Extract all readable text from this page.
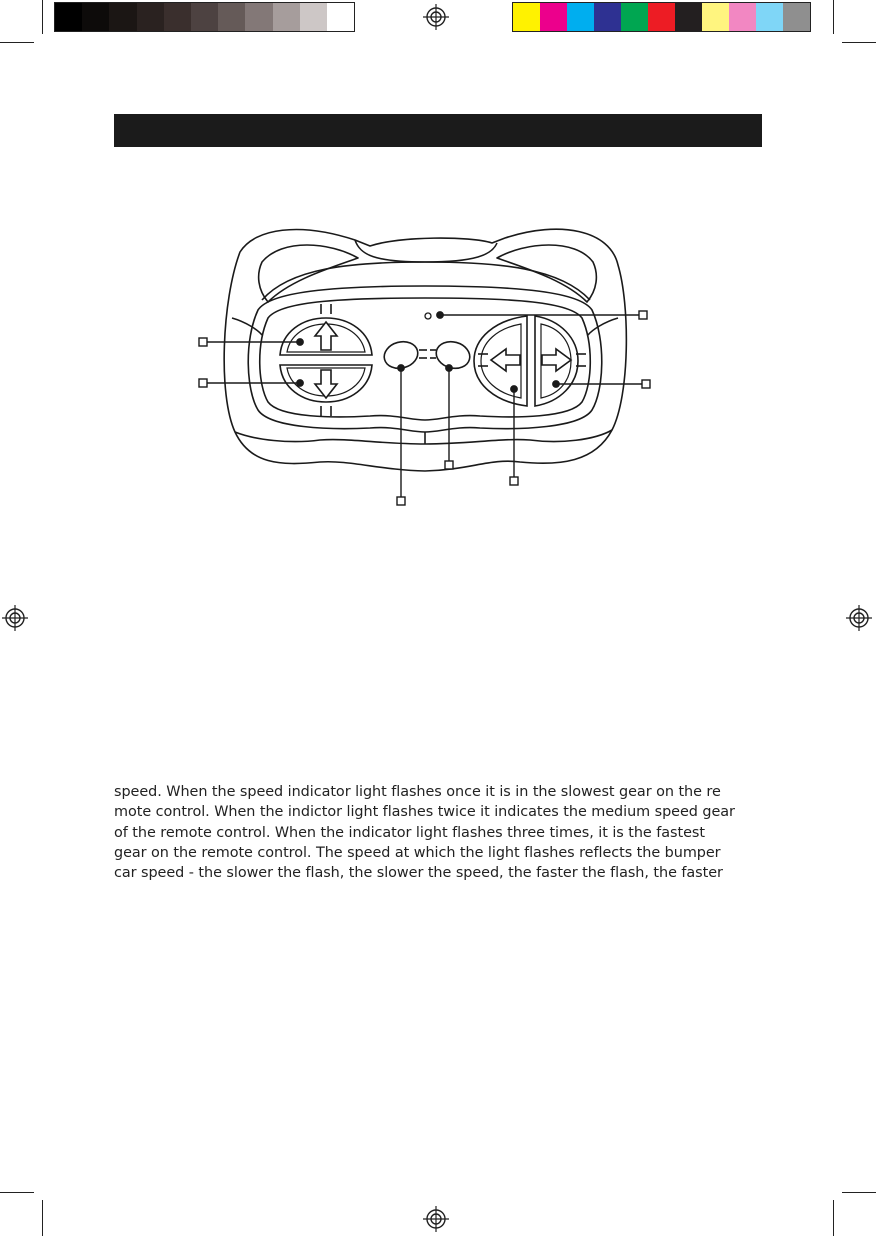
speed. When the speed indicator light flashes once it is in the slowest gear on the re
mote control. When the indictor light flashes twice it indicates the medium speed gear
of the remote control. When the indicator light flashes three times, it is the fastest
gear on the remote control. The speed at which the light flashes reflects the bumper
car speed - the slower the flash, the slower the speed, the faster the flash, the faster
